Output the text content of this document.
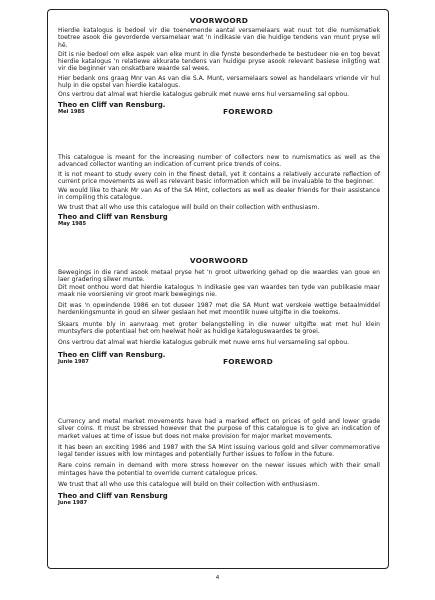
VOORWOORD

Hierdie katalogus is bedoel vir die toenemende aantal versamelaars wat nuut tot die numismatiek toetree asook die gevorderde versamelaar wat 'n indikasie van die huidige tendens van munt pryse wil hê.

Dit is nie bedoel om elke aspek van elke munt in die fynste besonderhede te bestudeer nie en tog bevat hierdie katalogus 'n relatiewe akkurate tendens van huidige pryse asook relevant basiese inligting wat vir die beginner van onskatbare waarde sal wees.

Hier bedank ons graag Mnr van As van die S.A. Munt, versamelaars sowel as handelaars vriende vir hul hulp in die opstel van hierdie katalogus.

Ons vertrou dat almal wat hierdie katalogus gebruik met nuwe erns hul versameling sal opbou.

Theo en Cliff van Rensburg.

Mei 1985	FOREWORD

This catalogue is meant for the increasing number of collectors new to numismatics as well as the advanced collector wanting an indication of current price trends of coins.

It is not meant to study every coin in the finest detail, yet it contains a relatively accurate reflection of current price movements as well as relevant basic information which will be invaluable to the beginner.

We would like to thank Mr van As of the SA Mint, collectors as well as dealer friends for their assistance in compiling this catalogue.

We trust that all who use this catalogue will build on their collection with enthusiasm.

Theo and Cliff van Rensburg

May 1985

VOORWOORD

Bewegings in die rand asook metaal pryse het 'n groot uitwerking gehad op die waardes van goue en laer gradering silwer munte.

Dit moet onthou word dat hierdie katalogus 'n indikasie gee van waardes ten tyde van publikasie maar maak nie voorsiening vir groot mark bewegings nie.

Dit was 'n opwindende 1986 en tot duseer 1987 met die SA Munt wat verskeie wettige betaalmiddel herdenkingsmunte in goud en silwer geslaan het met moontlik nuwe uitgifte in die toekoms.

Skaars munte bly in aanvraag met groter belangstelling in die nuwer uitgifte wat met hul klein muntsyfers die potentiaal het om heelwat hoër as huidige kataloguswaardes te groei.

Ons vertrou dat almal wat hierdie katalogus gebruik met nuwe erns hul versameling sal opbou.

Theo en Cliff van Rensburg.

Junie 1987	FOREWORD

Currency and metal market movements have had a marked effect on prices of gold and lower grade silver coins. It must be stressed however that the purpose of this catalogue is to give an indication of market values at time of issue but does not make provision for major market movements.

It has been an exciting 1986 and 1987 with the SA Mint issuing various gold and silver commemorative legal tender issues with low mintages and potentially further issues to follow in the future.

Rare coins remain in demand with more stress however on the newer issues which with their small mintages have the potential to override current catalogue prices.

We trust that all who use this catalogue will build on their collection with enthusiasm.

Theo and Cliff van Rensburg

June 1987

4
